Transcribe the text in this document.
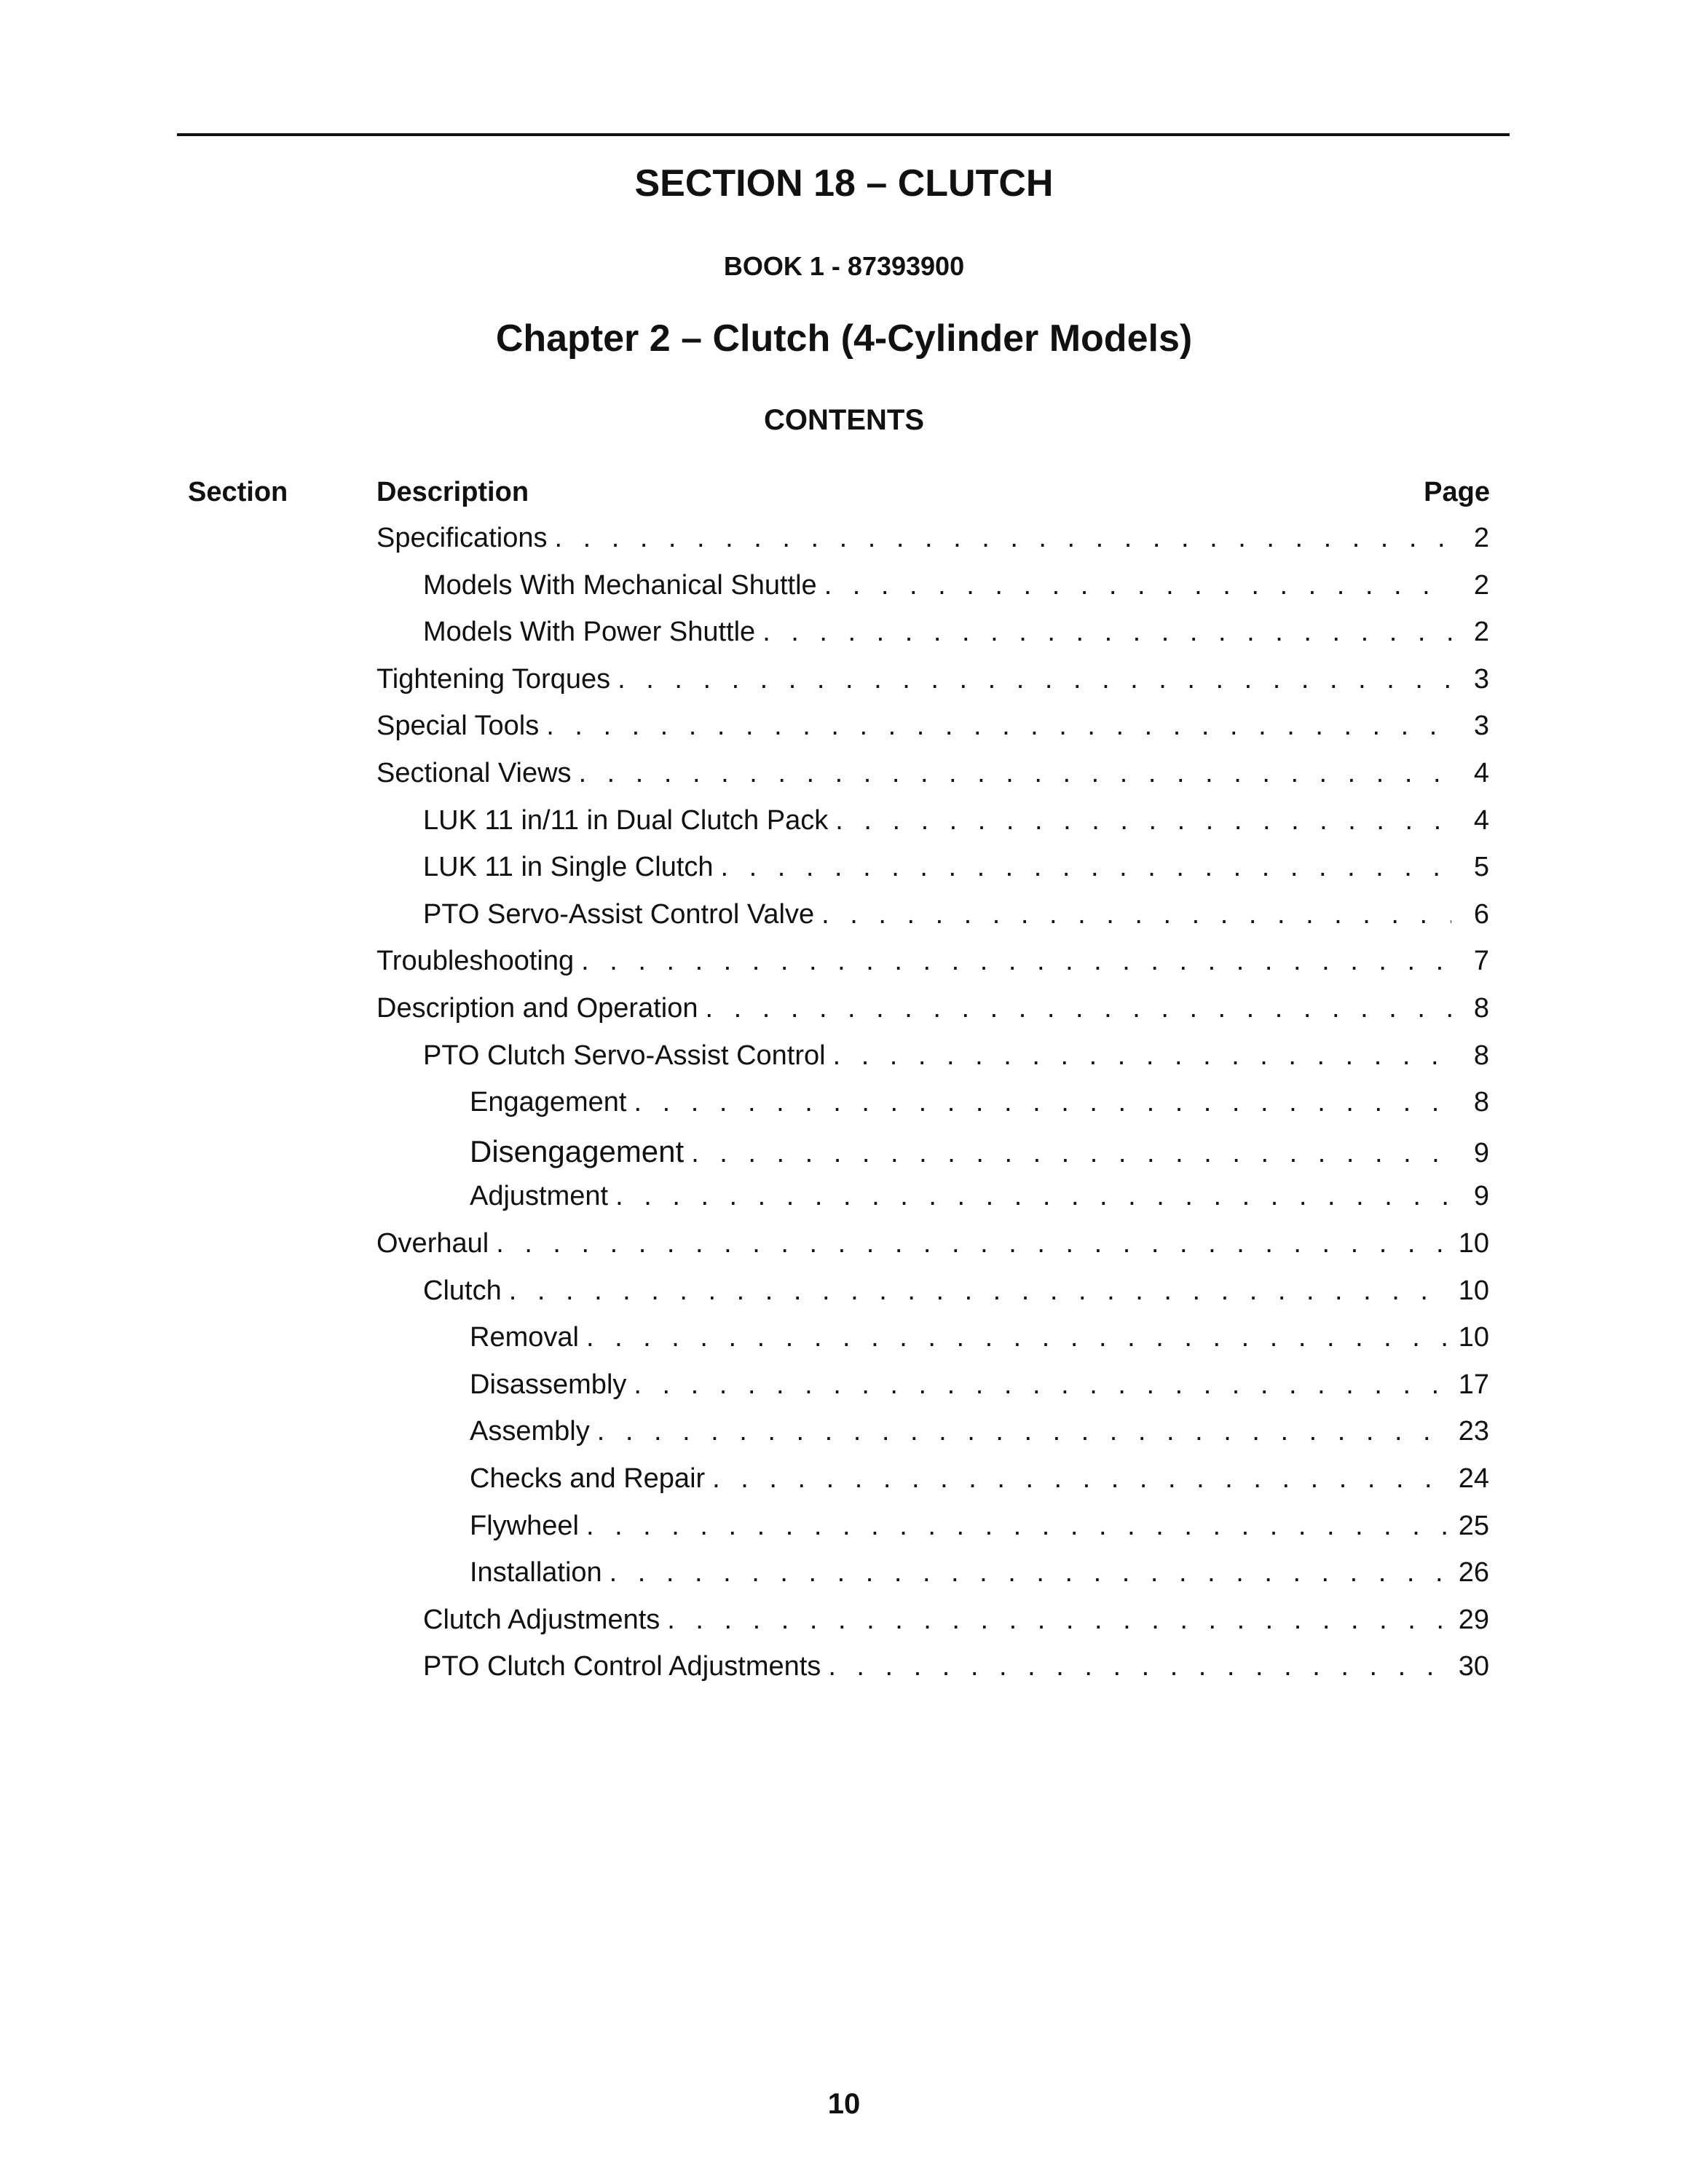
SECTION 18 – CLUTCH
BOOK 1 - 87393900
Chapter 2 – Clutch (4-Cylinder Models)
CONTENTS
Section	Description	Page
Specifications . . .	2
Models With Mechanical Shuttle . . .	2
Models With Power Shuttle . . .	2
Tightening Torques . . .	3
Special Tools . . .	3
Sectional Views . . .	4
LUK 11 in/11 in Dual Clutch Pack . . .	4
LUK 11 in Single Clutch . . .	5
PTO Servo-Assist Control Valve . . .	6
Troubleshooting . . .	7
Description and Operation . . .	8
PTO Clutch Servo-Assist Control . . .	8
Engagement . . .	8
Disengagement . . .	9
Adjustment . . .	9
Overhaul . . .	10
Clutch . . .	10
Removal . . .	10
Disassembly . . .	17
Assembly . . .	23
Checks and Repair . . .	24
Flywheel . . .	25
Installation . . .	26
Clutch Adjustments . . .	29
PTO Clutch Control Adjustments . . .	30
10
